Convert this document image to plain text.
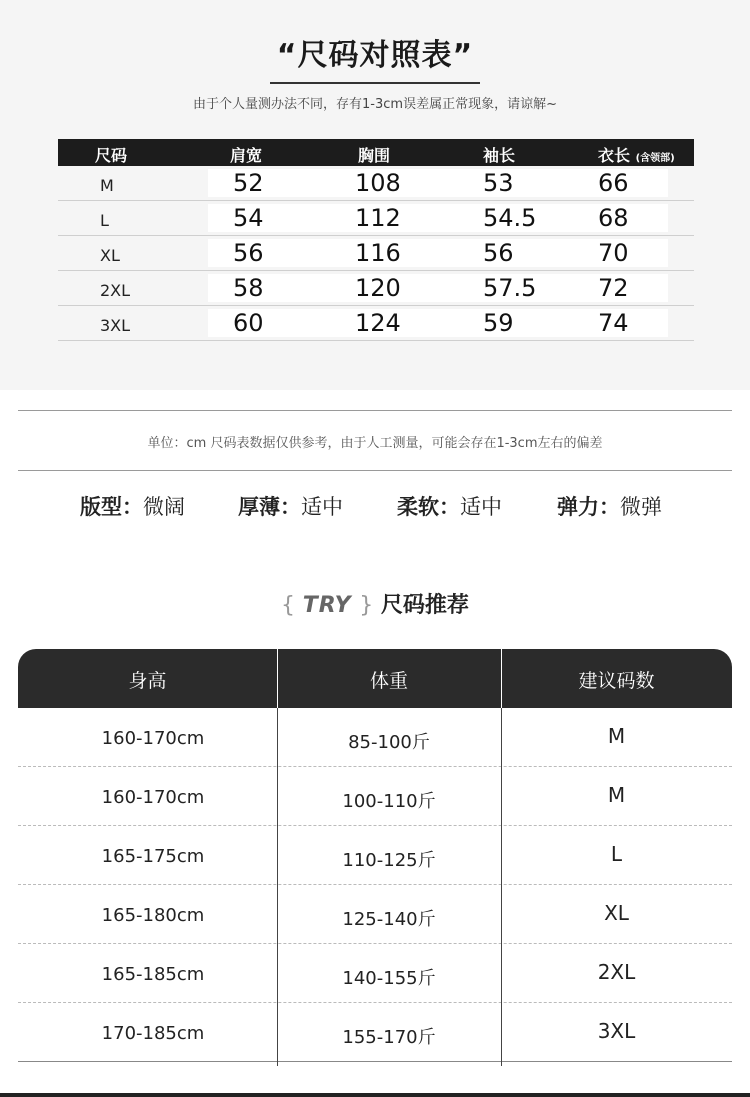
“尺码对照表”
由于个人量测办法不同，存有1-3cm误差属正常现象，请谅解~
尺码	肩宽	胸围	袖长	衣长 (含领部)
M	52	108	53	66
L	54	112	54.5	68
XL	56	116	56	70
2XL	58	120	57.5	72
3XL	60	124	59	74
单位：cm 尺码表数据仅供参考，由于人工测量，可能会存在1-3cm左右的偏差
版型：微阔	厚薄：适中	柔软：适中	弹力：微弹
{ TRY } 尺码推荐
身高	体重	建议码数
160-170cm	85-100斤	M
160-170cm	100-110斤	M
165-175cm	110-125斤	L
165-180cm	125-140斤	XL
165-185cm	140-155斤	2XL
170-185cm	155-170斤	3XL
